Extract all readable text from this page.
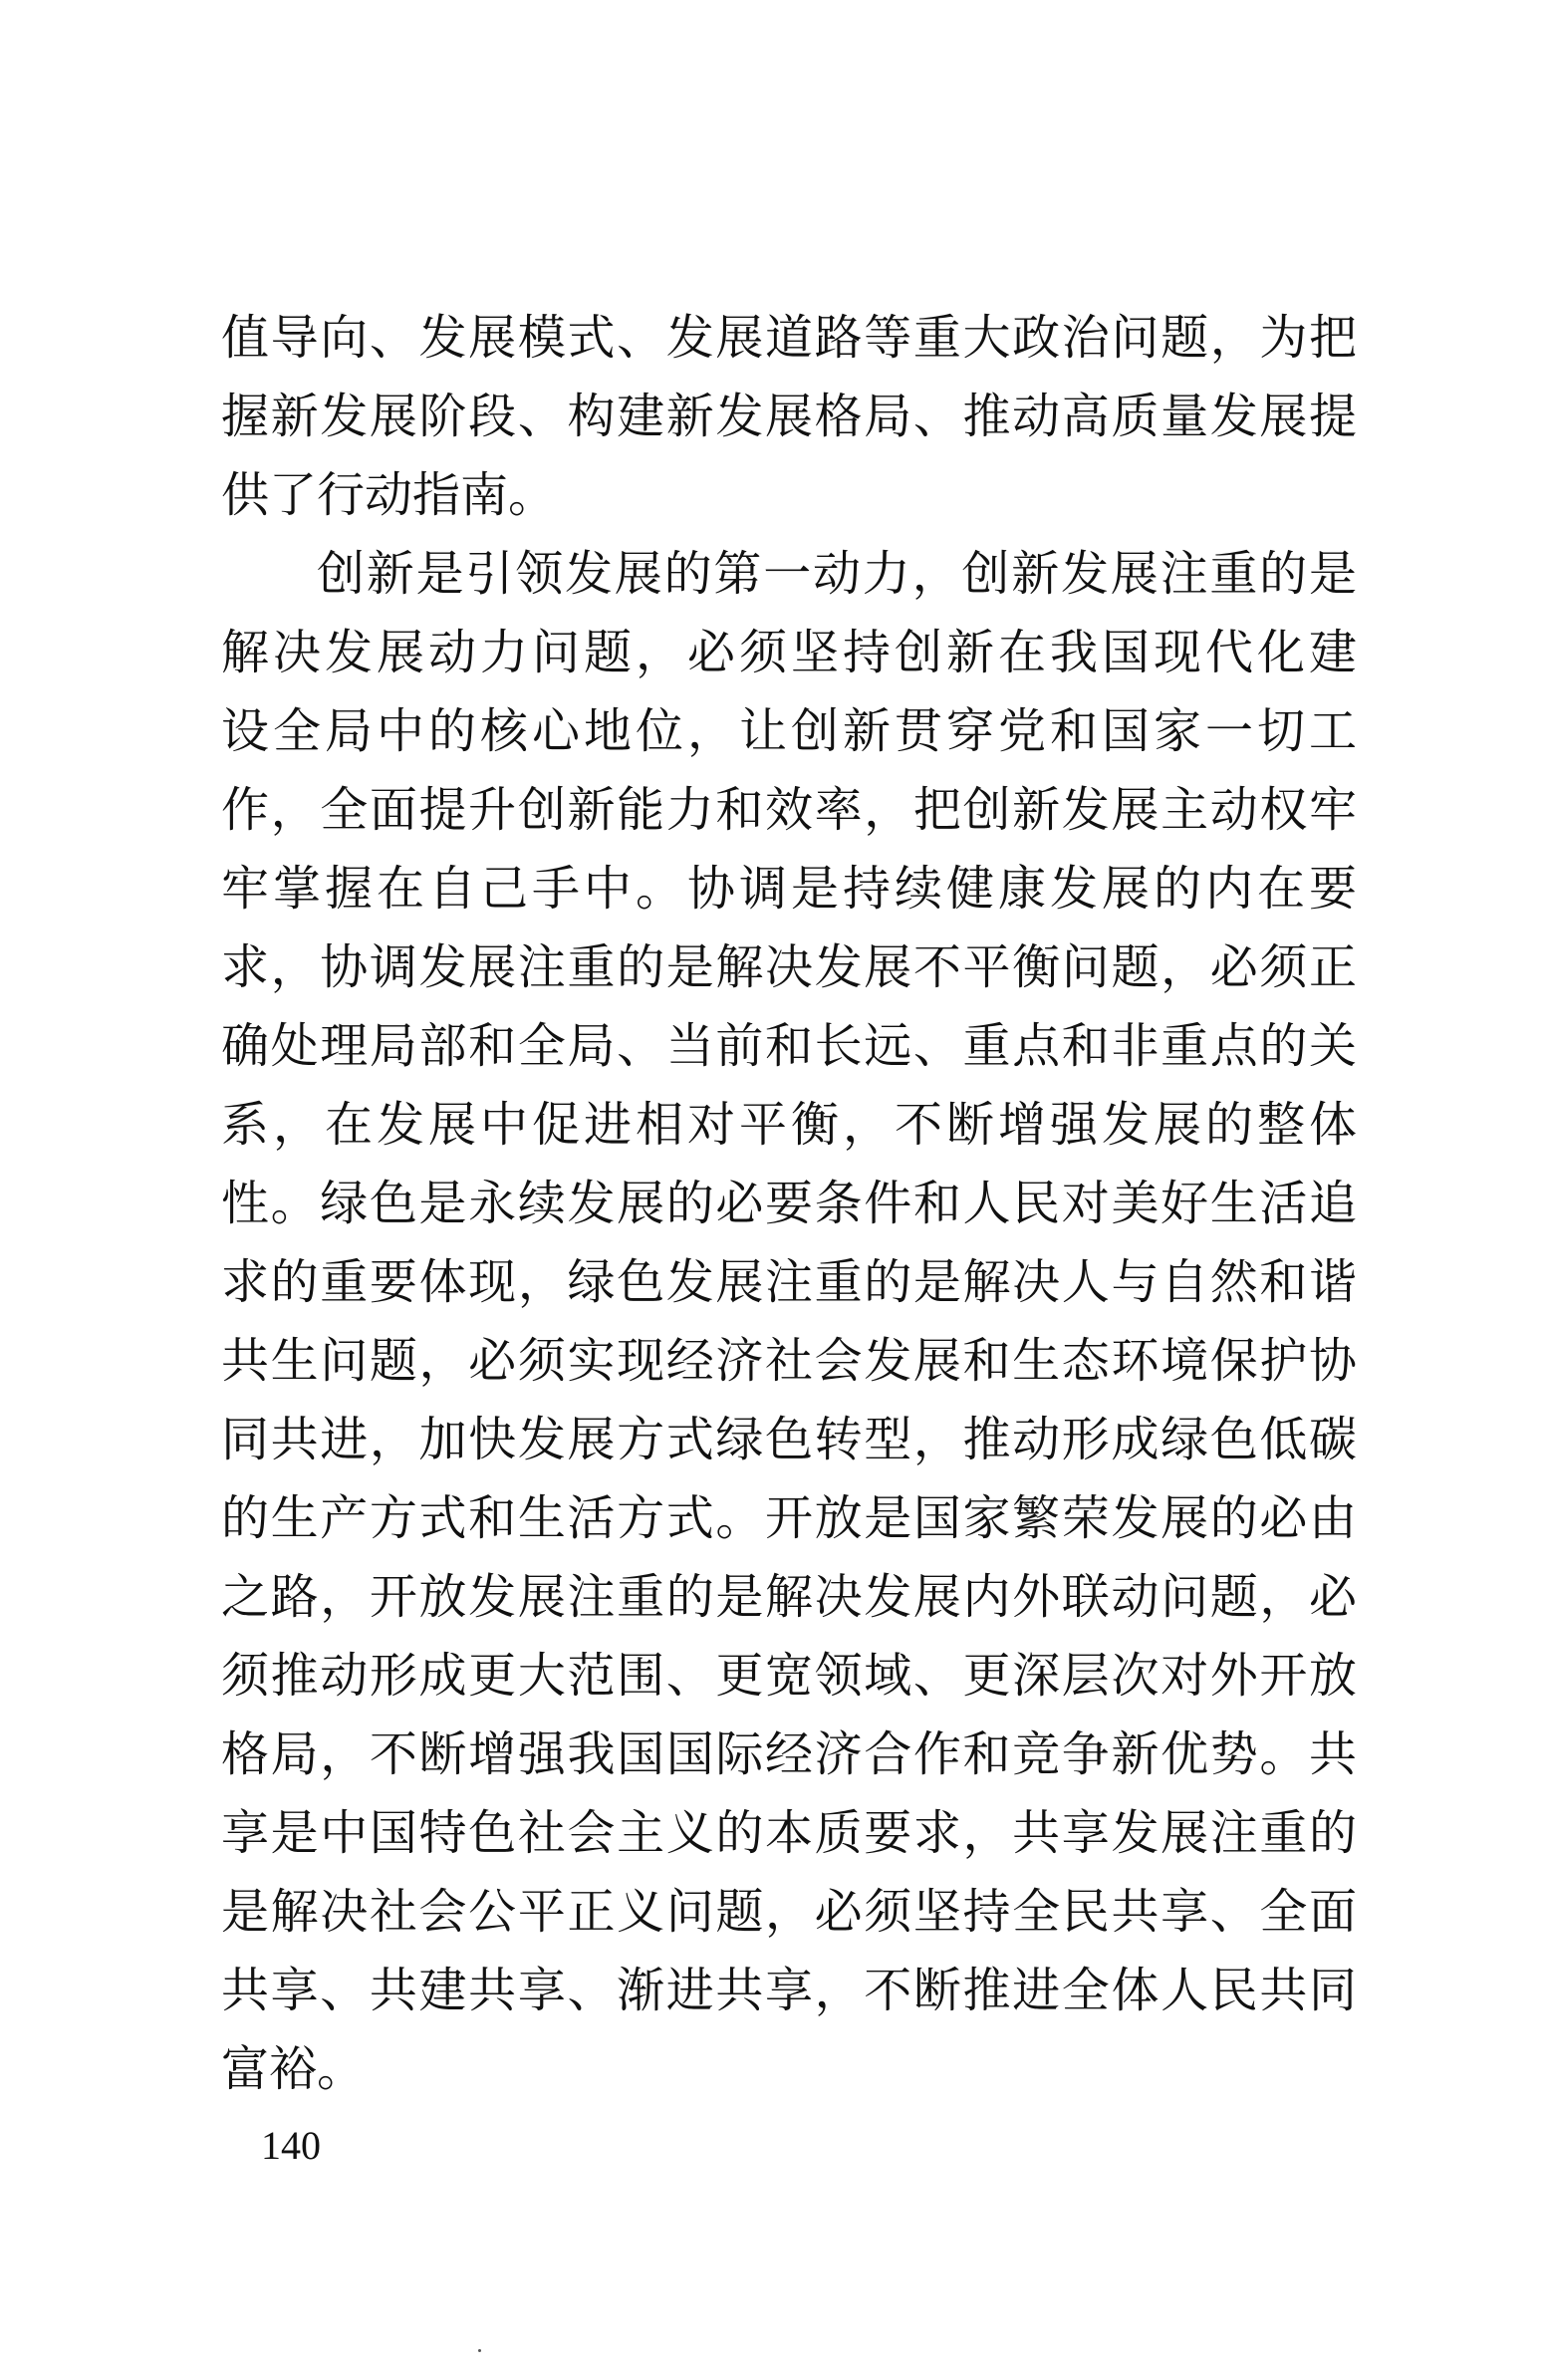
值导向、发展模式、发展道路等重大政治问题，为把
握新发展阶段、构建新发展格局、推动高质量发展提
供了行动指南。
创新是引领发展的第一动力，创新发展注重的是
解决发展动力问题，必须坚持创新在我国现代化建
设全局中的核心地位，让创新贯穿党和国家一切工
作，全面提升创新能力和效率，把创新发展主动权牢
牢掌握在自己手中。协调是持续健康发展的内在要
求，协调发展注重的是解决发展不平衡问题，必须正
确处理局部和全局、当前和长远、重点和非重点的关
系，在发展中促进相对平衡，不断增强发展的整体
性。绿色是永续发展的必要条件和人民对美好生活追
求的重要体现，绿色发展注重的是解决人与自然和谐
共生问题，必须实现经济社会发展和生态环境保护协
同共进，加快发展方式绿色转型，推动形成绿色低碳
的生产方式和生活方式。开放是国家繁荣发展的必由
之路，开放发展注重的是解决发展内外联动问题，必
须推动形成更大范围、更宽领域、更深层次对外开放
格局，不断增强我国国际经济合作和竞争新优势。共
享是中国特色社会主义的本质要求，共享发展注重的
是解决社会公平正义问题，必须坚持全民共享、全面
共享、共建共享、渐进共享，不断推进全体人民共同
富裕。
140
